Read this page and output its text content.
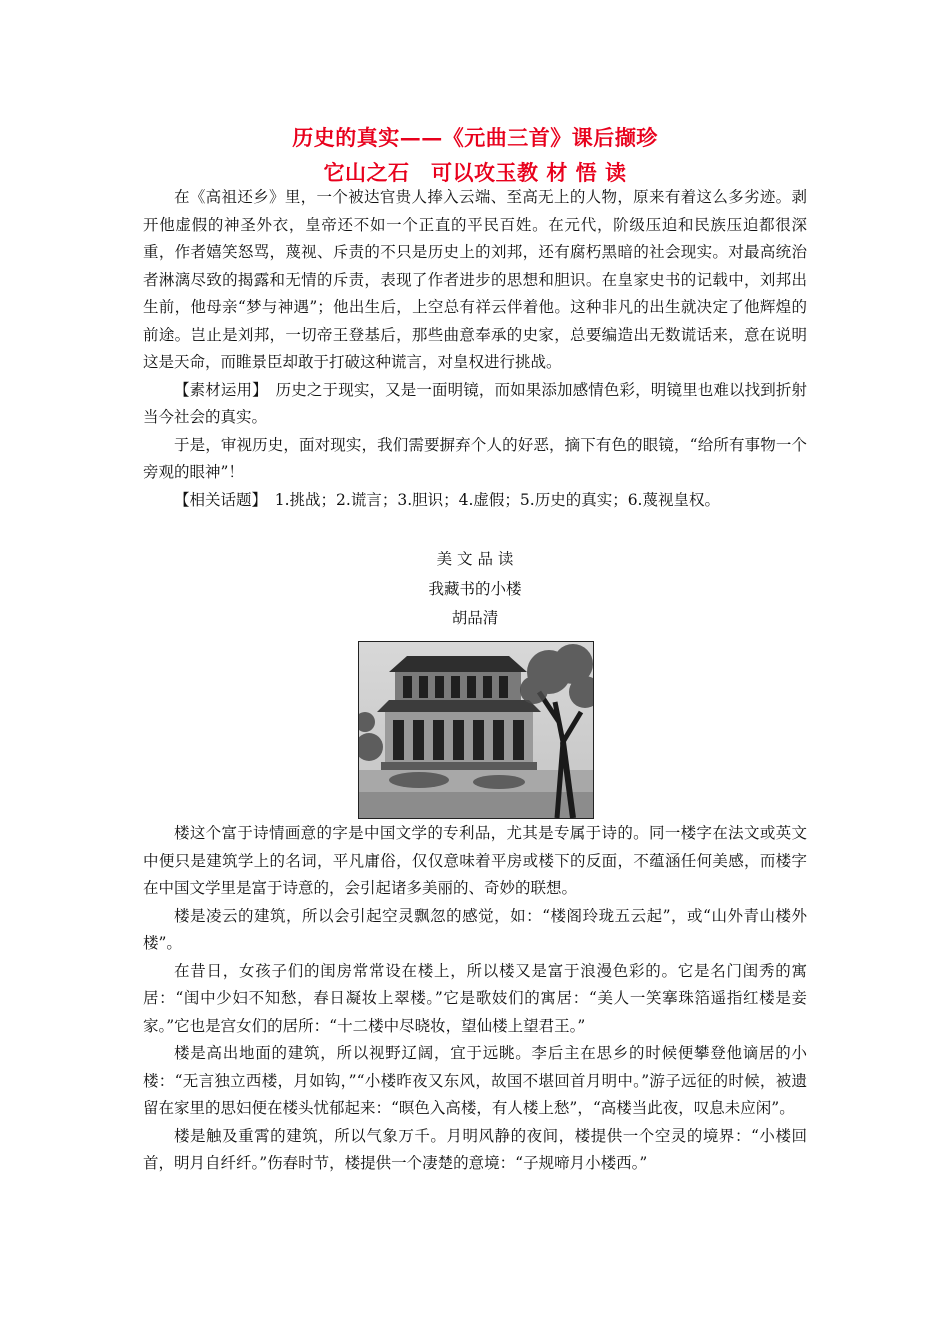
历史的真实——《元曲三首》课后撷珍
它山之石　可以攻玉教 材 悟 读

在《高祖还乡》里，一个被达官贵人捧入云端、至高无上的人物，原来有着这么多劣迹。剥开他虚假的神圣外衣，皇帝还不如一个正直的平民百姓。在元代，阶级压迫和民族压迫都很深重，作者嬉笑怒骂，蔑视、斥责的不只是历史上的刘邦，还有腐朽黑暗的社会现实。对最高统治者淋漓尽致的揭露和无情的斥责，表现了作者进步的思想和胆识。在皇家史书的记载中，刘邦出生前，他母亲“梦与神遇”；他出生后，上空总有祥云伴着他。这种非凡的出生就决定了他辉煌的前途。岂止是刘邦，一切帝王登基后，那些曲意奉承的史家，总要编造出无数谎话来，意在说明这是天命，而睢景臣却敢于打破这种谎言，对皇权进行挑战。

【素材运用】　历史之于现实，又是一面明镜，而如果添加感情色彩，明镜里也难以找到折射当今社会的真实。

于是，审视历史，面对现实，我们需要摒弃个人的好恶，摘下有色的眼镜，“给所有事物一个旁观的眼神”！

【相关话题】　1.挑战；2.谎言；3.胆识；4.虚假；5.历史的真实；6.蔑视皇权。

美 文 品 读
我藏书的小楼
胡品清

楼这个富于诗情画意的字是中国文学的专利品，尤其是专属于诗的。同一楼字在法文或英文中便只是建筑学上的名词，平凡庸俗，仅仅意味着平房或楼下的反面，不蕴涵任何美感，而楼字在中国文学里是富于诗意的，会引起诸多美丽的、奇妙的联想。

楼是凌云的建筑，所以会引起空灵飘忽的感觉，如：“楼阁玲珑五云起”，或“山外青山楼外楼”。

在昔日，女孩子们的闺房常常设在楼上，所以楼又是富于浪漫色彩的。它是名门闺秀的寓居：“闺中少妇不知愁，春日凝妆上翠楼。”它是歌妓们的寓居：“美人一笑搴珠箔遥指红楼是妾家。”它也是宫女们的居所：“十二楼中尽晓妆，望仙楼上望君王。”

楼是高出地面的建筑，所以视野辽阔，宜于远眺。李后主在思乡的时候便攀登他谪居的小楼：“无言独立西楼，月如钩，”“小楼昨夜又东风，故国不堪回首月明中。”游子远征的时候，被遗留在家里的思妇便在楼头忧郁起来：“暝色入高楼，有人楼上愁”，“高楼当此夜，叹息未应闲”。

楼是触及重霄的建筑，所以气象万千。月明风静的夜间，楼提供一个空灵的境界：“小楼回首，明月自纤纤。”伤春时节，楼提供一个凄楚的意境：“子规啼月小楼西。”
